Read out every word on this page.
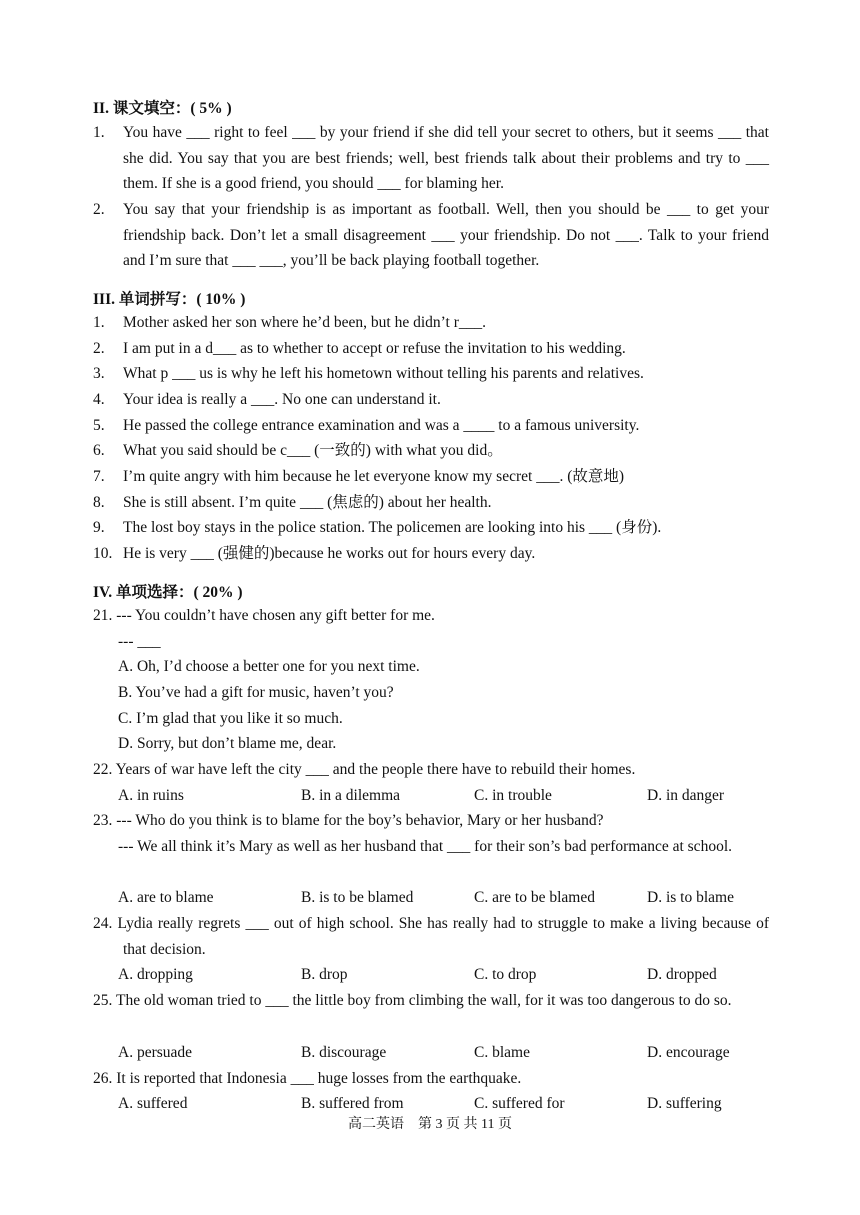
II. 课文填空：( 5% )
1. You have ___ right to feel ___ by your friend if she did tell your secret to others, but it seems ___ that she did. You say that you are best friends; well, best friends talk about their problems and try to ___ them. If she is a good friend, you should ___ for blaming her.
2. You say that your friendship is as important as football. Well, then you should be ___ to get your friendship back. Don’t let a small disagreement ___ your friendship. Do not ___. Talk to your friend and I’m sure that ___ ___, you’ll be back playing football together.
III. 单词拼写：( 10% )
1. Mother asked her son where he’d been, but he didn’t r___.
2. I am put in a d___ as to whether to accept or refuse the invitation to his wedding.
3. What p ___ us is why he left his hometown without telling his parents and relatives.
4. Your idea is really a ___. No one can understand it.
5. He passed the college entrance examination and was a ____ to a famous university.
6. What you said should be c___ (一致的) with what you did。
7. I’m quite angry with him because he let everyone know my secret ___. (故意地)
8. She is still absent. I’m quite ___ (焦虑的) about her health.
9. The lost boy stays in the police station. The policemen are looking into his ___ (身份).
10. He is very ___ (强健的)because he works out for hours every day.
IV. 单项选择：( 20% )
21. --- You couldn’t have chosen any gift better for me.
--- ___
A. Oh, I’d choose a better one for you next time.
B. You’ve had a gift for music, haven’t you?
C. I’m glad that you like it so much.
D. Sorry, but don’t blame me, dear.
22. Years of war have left the city ___ and the people there have to rebuild their homes.
A. in ruins	B. in a dilemma	C. in trouble	D. in danger
23. --- Who do you think is to blame for the boy’s behavior, Mary or her husband?
--- We all think it’s Mary as well as her husband that ___ for their son’s bad performance at school.
A. are to blame	B. is to be blamed	C. are to be blamed	D. is to blame
24. Lydia really regrets ___ out of high school. She has really had to struggle to make a living because of that decision.
A. dropping	B. drop	C. to drop	D. dropped
25. The old woman tried to ___ the little boy from climbing the wall, for it was too dangerous to do so.
A. persuade	B. discourage	C. blame	D. encourage
26. It is reported that Indonesia ___ huge losses from the earthquake.
A. suffered	B. suffered from	C. suffered for	D. suffering
高二英语　第 3 页 共 11 页
